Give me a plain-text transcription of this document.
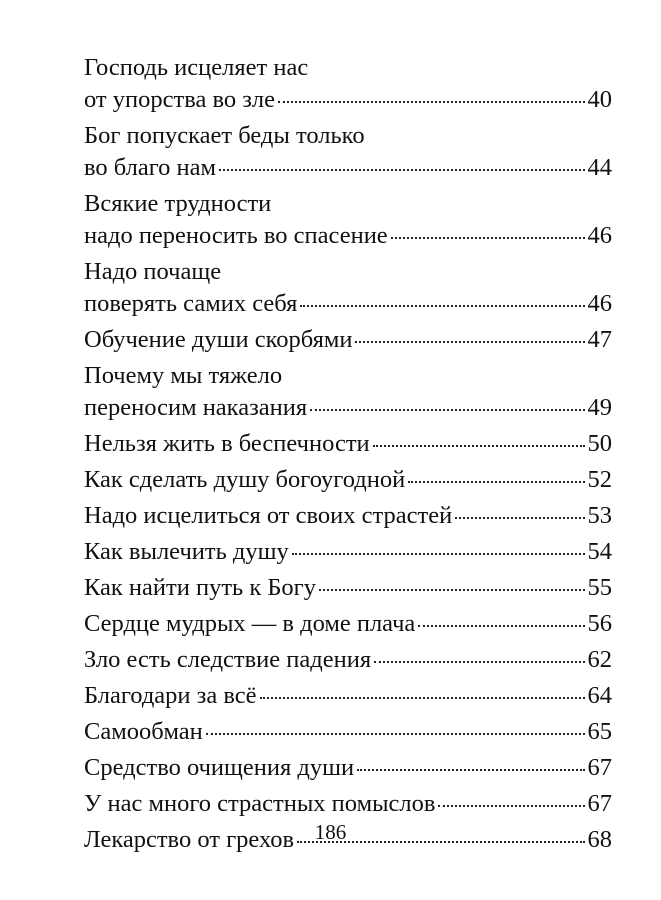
Господь исцеляет нас
от упорства во зле	40
Бог попускает беды только
во благо нам	44
Всякие трудности
надо переносить во спасение	46
Надо почаще
поверять самих себя	46
Обучение души скорбями	47
Почему мы тяжело
переносим наказания	49
Нельзя жить в беспечности	50
Как сделать душу богоугодной	52
Надо исцелиться от своих страстей	53
Как вылечить душу	54
Как найти путь к Богу	55
Сердце мудрых — в доме плача	56
Зло есть следствие падения	62
Благодари за всё	64
Самообман	65
Средство очищения души	67
У нас много страстных помыслов	67
Лекарство от грехов	68
186
